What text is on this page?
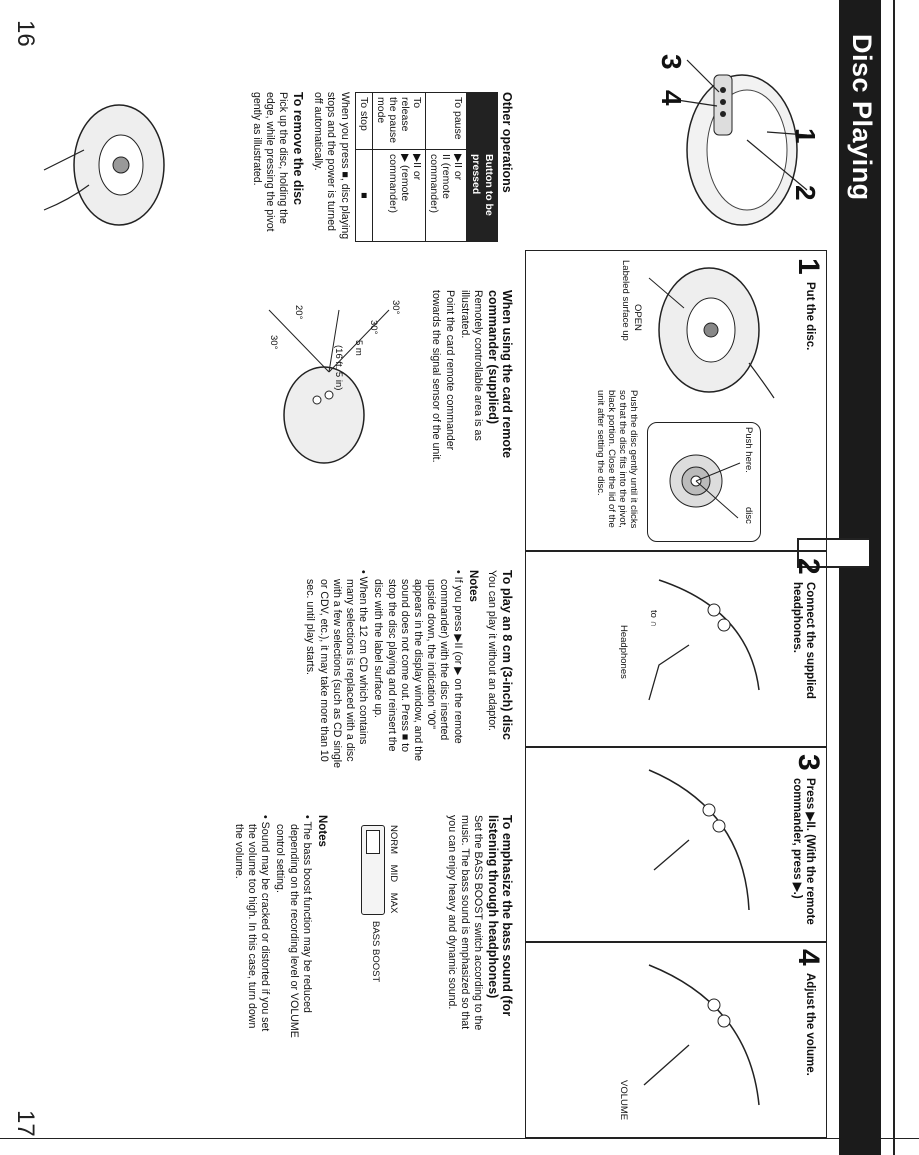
Disc Playing
16
17
1
2
3
4
Other operations
	Button to be pressed
To pause	▶II or
II (remote commander)

To release the pause mode	▶II or
▶ (remote commander)

To stop	■

When you press ■, disc playing stops and the power is turned off automatically.

To remove the disc

Pick up the disc, holding the edge, while pressing the pivot gently as illustrated.

1
Put the disc.
OPEN
Labeled surface up
Push the disc gently until it clicks so that the disc fits into the pivot, black portion. Close the lid of the unit after setting the disc.	Push here.
disc
2
Connect the supplied headphones.
to ∩
Headphones
3
Press ▶II. (With the remote commander, press ▶.)
4
Adjust the volume.
VOLUME
When using the card remote commander (supplied)

Remotely controllable area is as illustrated.

Point the card remote commander towards the signal sensor of the unit.

30°
30°
5 m
(16 ft. 5 in)
20°
30°
To play an 8 cm (3-inch) disc

You can play it without an adaptor.

Notes

• If you press ▶II (or ▶ on the remote commander) with the disc inserted upside down, the indication "00" appears in the display window, and the sound does not come out. Press ■ to stop the disc playing and reinsert the disc with the label surface up.

• When the 12 cm CD which contains many selections is replaced with a disc with a few selections (such as CD single or CDV, etc.), it may take more than 10 sec. until play starts.

To emphasize the bass sound (for listening through headphones)

Set the BASS BOOST switch according to the music. The bass sound is emphasized so that you can enjoy heavy and dynamic sound.

NORM MID MAX
BASS BOOST
Notes

• The bass boost function may be reduced depending on the recording level or VOLUME control setting.

• Sound may be cracked or distorted if you set the volume too high. In this case, turn down the volume.
